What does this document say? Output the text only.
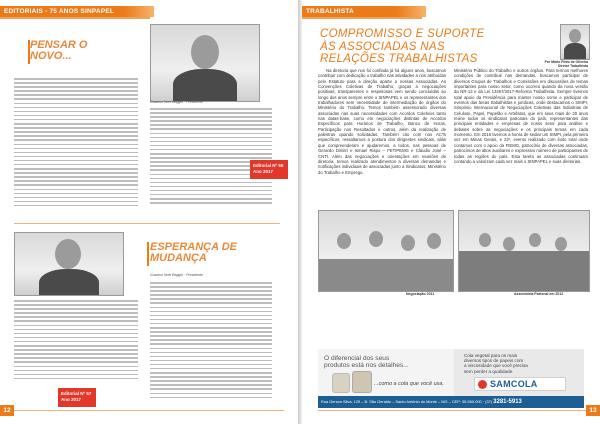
EDITORIAIS - 75 ANOS SINPAPEL
PENSAR O
NOVO...
Gustavo Noel Baggio · Presidente
Editorial Nº 55
Ano 2017
ESPERANÇA DE
MUDANÇA
Gustavo Noel Baggio · Presidente
Editorial Nº 57
Ano 2017
12
TRABALHISTA
COMPROMISSO E SUPORTE
ÀS ASSOCIADAS NAS
RELAÇÕES TRABALHISTAS	Por Mário Pinto de Oliveira
Diretor Trabalhista

Na diretoria que nos foi confiada já há alguns anos, buscamos contribuir com dedicação o trabalho nas atividades a nós atribuídas pelo Estatuto para a direção aparte a nossas Associadas. As Convenções Coletivas de Trabalho, graças a negociações positivas, transparentes e respeitosas vem sendo concluídas ao longo dos anos sempre entre o SINPAPEL e os representantes dos trabalhadores sem necessidade de intermediação de órgãos do Ministério do Trabalho. Temos também assessorado diversas associadas nas suas necessidades com Acordos Coletivos tanto nas datas-base, como em negociações distintas de Acordos Específicos para Horários de Trabalho, Banco de Horas, Participação nos Resultados e outros, além da realização de palestras quando solicitadas. Também cito com nos ACTs específicos, ressaltamos a postura dos dirigentes sindicais, aliás que compreenderam e ajudaremos, a todos, nas pessoas de Gerardo Dimitri e Ismael Rispo – FETIPEMG e Cláudio José – CNTI. Além das negociações e orientações em reuniões de diretoria, temos realizado atendimentos a diversas demandas e notificações individuais de associadas junto a Sindicatos, Ministério do Trabalho e Emprego,

Ministério Público do Trabalho e outros órgãos. Para termos melhores condições de contribuir nas demandas, buscamos participar de diversos Grupos de Trabalhos e Comissões em discussões de temas importantes para nosso setor, como ocorreu quando da nova versão da NR-12 e da Lei 13467/2017-Reforma Trabalhista. Sempre tivemos total apoio da Presidência para manter nosso nome e participar de eventos das áreas trabalhistas e jurídicas, onde destacamos o SIMPI, Simpósio Internacional de Negociações Coletivas das Indústrias de Celulose, Papel, Papelão e Artefatos, que em seus mais de 20 anos reúne todos os sindicatos patronais do país, representantes das principais entidades e empresas de nosso setor para análise e debates sobre as negociações e os principais temas em cada momento. Em 2016 tivemos a honra de sediar um SIMPI, pela primeira vez em Minas Gerais, e 22º, evento realizado com êxito total onde contamos com o apoio da FIEMG, patrocínio de diversas associadas, patrocínios de altos auxiliares e expressivo número de participantes de todas as regiões do país. Esta tarefa as associadas continuam contando a valorizam cada vez mais o SINPAPEL e suas diretorias.

Negociação 2011	Assembleia Patronal em 2012
13
O diferencial dos seus
produtos está nos detalhes...
...como a cola que você usa.
Cola vegetal para os mais
diversos tipos de papeis com
a viscosidade que você precisa
sem perder a qualidade.
SAMCOLA
Rua Gerson Silva, 129 – B. São Geraldo – Santo Antônio do Monte – MG – CEP: 35.560-000 · (37) 3281-5913
